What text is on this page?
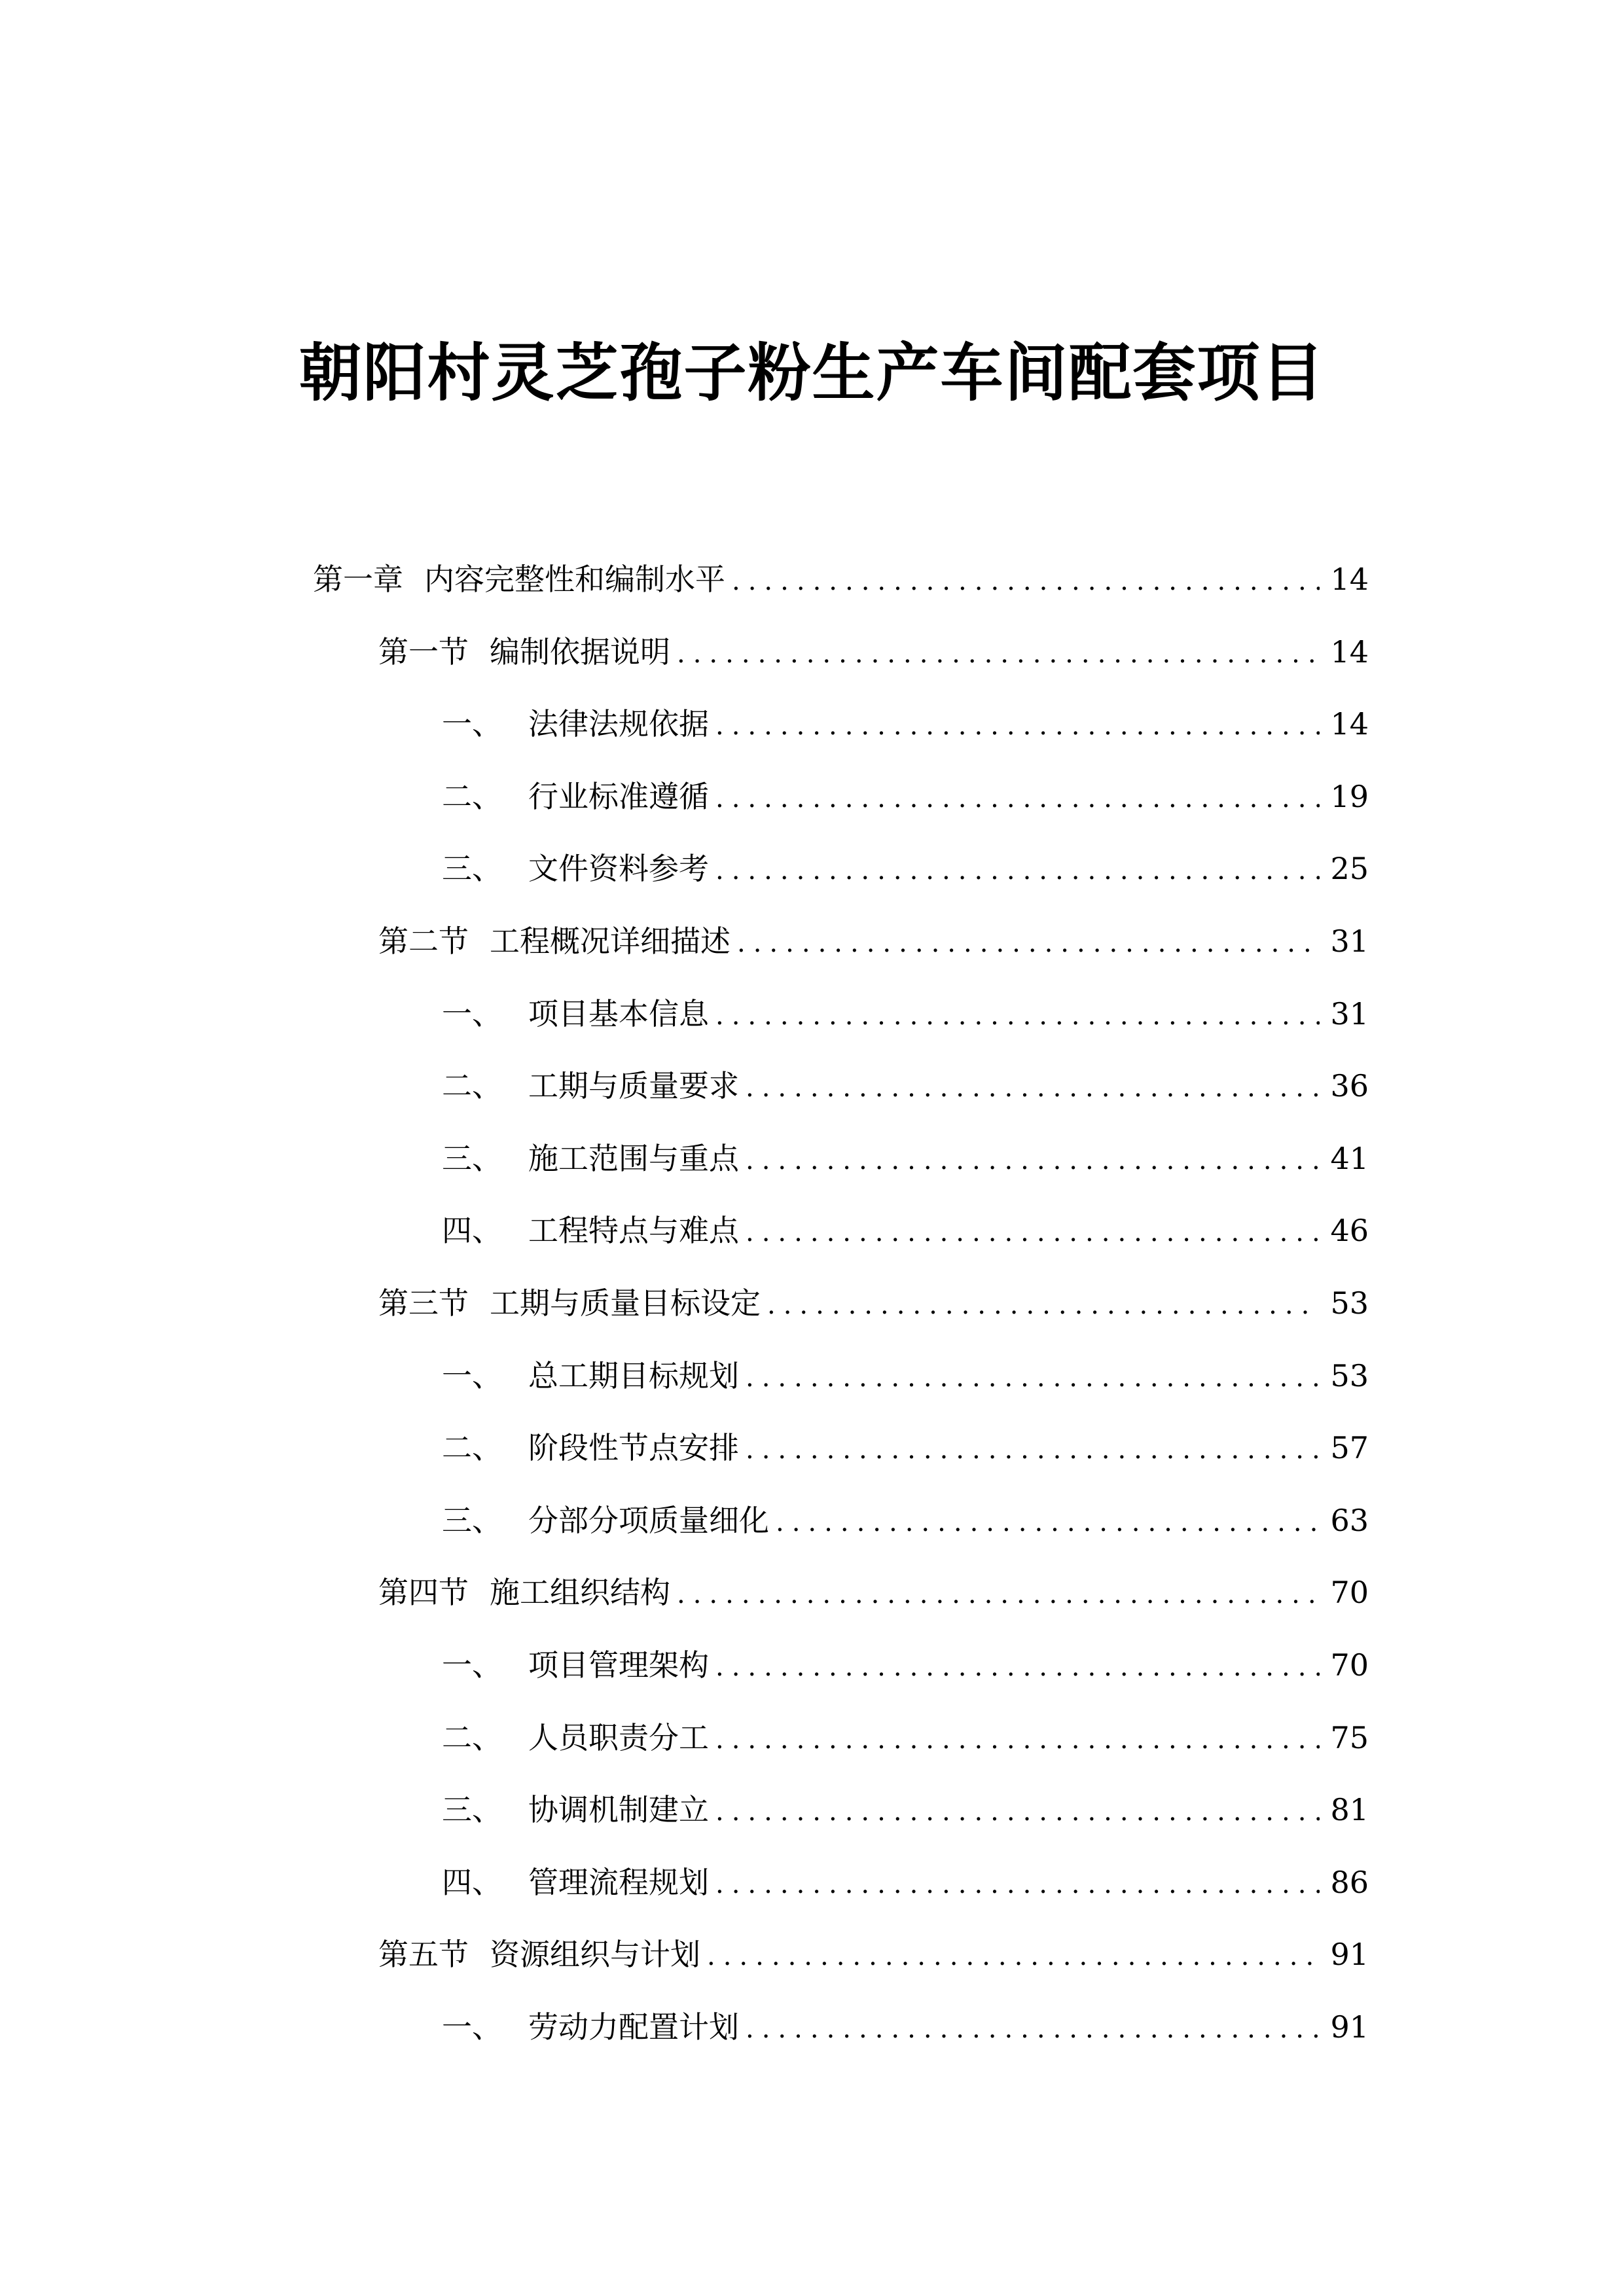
朝阳村灵芝孢子粉生产车间配套项目
第一章 内容完整性和编制水平 .....	14
第一节 编制依据说明 .....	14
一、 法律法规依据 .....	14
二、 行业标准遵循 .....	19
三、 文件资料参考 .....	25
第二节 工程概况详细描述 .....	31
一、 项目基本信息 .....	31
二、 工期与质量要求 .....	36
三、 施工范围与重点 .....	41
四、 工程特点与难点 .....	46
第三节 工期与质量目标设定 .....	53
一、 总工期目标规划 .....	53
二、 阶段性节点安排 .....	57
三、 分部分项质量细化 .....	63
第四节 施工组织结构 .....	70
一、 项目管理架构 .....	70
二、 人员职责分工 .....	75
三、 协调机制建立 .....	81
四、 管理流程规划 .....	86
第五节 资源组织与计划 .....	91
一、 劳动力配置计划 .....	91
